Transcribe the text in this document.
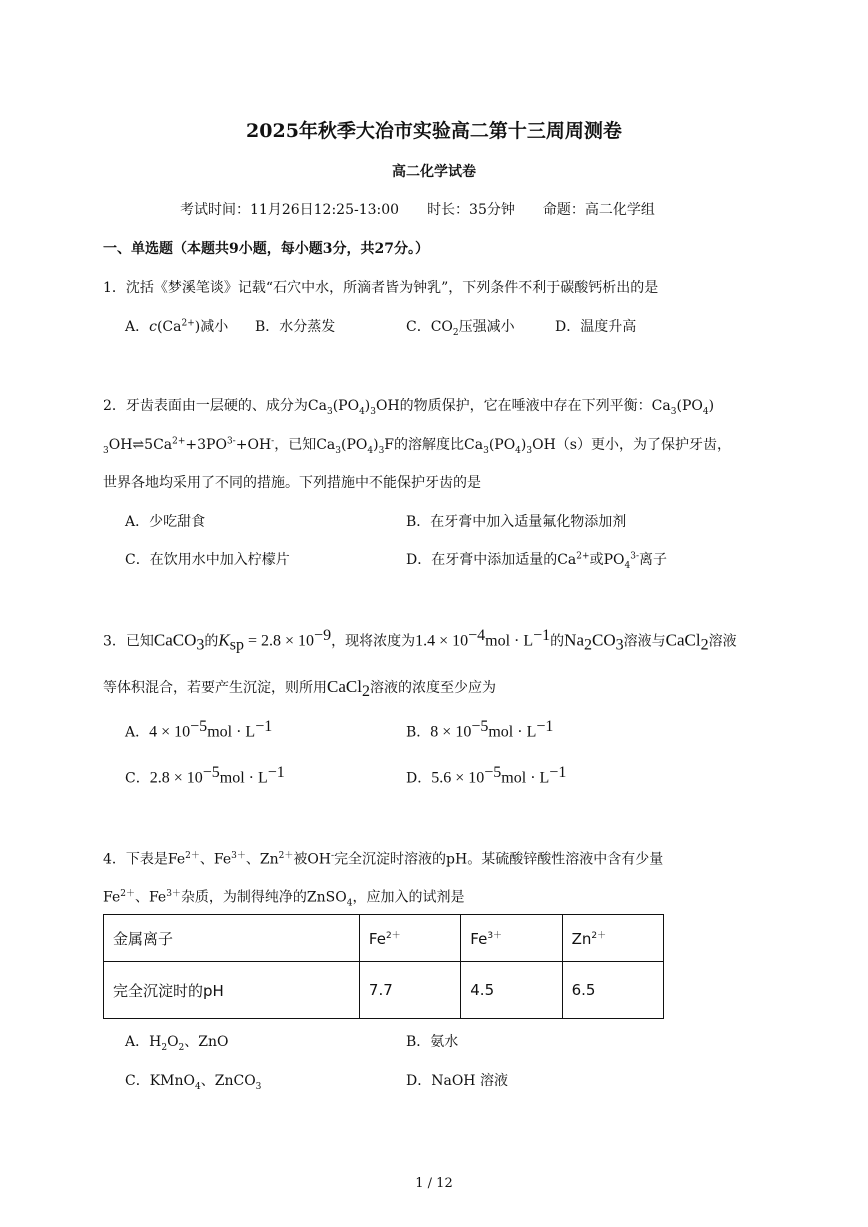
2025年秋季大冶市实验高二第十三周周测卷
高二化学试卷
考试时间：11月26日12:25-13:00 时长：35分钟 命题：高二化学组
一、单选题（本题共9小题，每小题3分，共27分。）
1．沈括《梦溪笔谈》记载“石穴中水，所滴者皆为钟乳”，下列条件不利于碳酸钙析出的是
A．$c(Ca^{2+})$减小 B．水分蒸发	C．$CO_2$压强减小	D．温度升高
2．牙齿表面由一层硬的、成分为$Ca_3(PO_4)_3OH$的物质保护，它在唾液中存在下列平衡：$Ca_3(PO_4)$
$_3OH\rightleftharpoons 5Ca^{2+}+3PO^{3-}+OH^-$，已知$Ca_3(PO_4)_3F$的溶解度比$Ca_3(PO_4)_3OH(s)$更小，为了保护牙齿，
世界各地均采用了不同的措施。下列措施中不能保护牙齿的是
A．少吃甜食	B．在牙膏中加入适量氟化物添加剂
C．在饮用水中加入柠檬片	D．在牙膏中添加适量的$Ca^{2+}$或$PO_4^{3-}$离子
3．已知CaCO$_3$的$K_{sp} = 2.8 \times 10^{-9}$，现将浓度为$1.4 \times 10^{-4}mol \cdot L^{-1}$的$Na_2CO_3$溶液与CaCl$_2$溶液
等体积混合，若要产生沉淀，则所用CaCl$_2$溶液的浓度至少应为
A．$4 \times 10^{-5}mol \cdot L^{-1}$	B．$8 \times 10^{-5}mol \cdot L^{-1}$
C．$2.8 \times 10^{-5}mol \cdot L^{-1}$	D．$5.6 \times 10^{-5}mol \cdot L^{-1}$
4．下表是$Fe^{2+}$、$Fe^{3+}$、$Zn^{2+}$被OH-完全沉淀时溶液的pH。某硫酸锌酸性溶液中含有少量
$Fe^{2+}$、$Fe^{3+}$杂质，为制得纯净的ZnSO$_4$，应加入的试剂是
金属离子	$Fe^{2+}$	$Fe^{3+}$	$Zn^{2+}$
完全沉淀时的pH	7.7	4.5	6.5
A．$H_2O_2$、ZnO	B．氨水
C．KMnO$_4$、ZnCO$_3$	D．NaOH 溶液
1 / 12
